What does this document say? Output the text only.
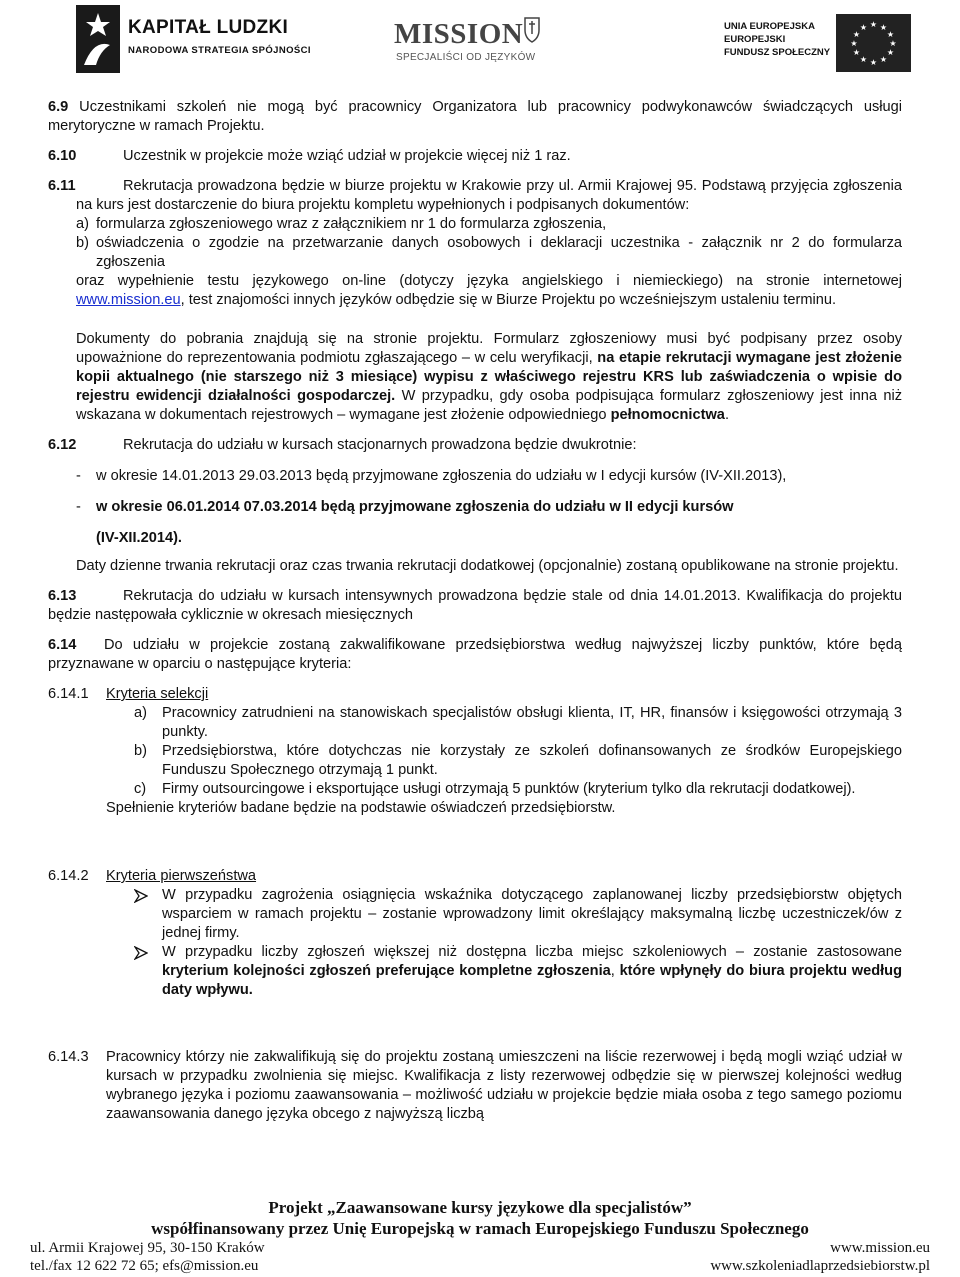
KAPITAŁ LUDZKI
NARODOWA STRATEGIA SPÓJNOŚCI
MISSION
SPECJALIŚCI OD JĘZYKÓW
UNIA EUROPEJSKA
EUROPEJSKI
FUNDUSZ SPOŁECZNY
★ ★
★
★
★
★
★
★
★
★
★
★

6.9 Uczestnikami szkoleń nie mogą być pracownicy Organizatora lub pracownicy podwykonawców świadczących usługi merytoryczne w ramach Projektu.

6.10	Uczestnik w projekcie może wziąć udział w projekcie więcej niż 1 raz.
6.11	Rekrutacja prowadzona będzie w biurze projektu w Krakowie przy ul. Armii Krajowej 95. Podstawą przyjęcia zgłoszenia na kurs jest dostarczenie do biura projektu kompletu wypełnionych i podpisanych dokumentów:
a) formularza zgłoszeniowego wraz z załącznikiem nr 1 do formularza zgłoszenia,
b) oświadczenia o zgodzie na przetwarzanie danych osobowych i deklaracji uczestnika - załącznik nr 2 do formularza zgłoszenia

oraz wypełnienie testu językowego on-line (dotyczy języka angielskiego i niemieckiego) na stronie internetowej www.mission.eu, test znajomości innych języków odbędzie się w Biurze Projektu po wcześniejszym ustaleniu terminu.

Dokumenty do pobrania znajdują się na stronie projektu. Formularz zgłoszeniowy musi być podpisany przez osoby upoważnione do reprezentowania podmiotu zgłaszającego – w celu weryfikacji, na etapie rekrutacji wymagane jest złożenie kopii aktualnego (nie starszego niż 3 miesiące) wypisu z właściwego rejestru KRS lub zaświadczenia o wpisie do rejestru ewidencji działalności gospodarczej. W przypadku, gdy osoba podpisująca formularz zgłoszeniowy jest inna niż wskazana w dokumentach rejestrowych – wymagane jest złożenie odpowiedniego pełnomocnictwa.

6.12	Rekrutacja do udziału w kursach stacjonarnych prowadzona będzie dwukrotnie:
-	w okresie 14.01.2013 29.03.2013 będą przyjmowane zgłoszenia do udziału w I edycji kursów (IV-XII.2013),
-	w okresie 06.01.2014 07.03.2014 będą przyjmowane zgłoszenia do udziału w II edycji kursów
(IV-XII.2014).

Daty dzienne trwania rekrutacji oraz czas trwania rekrutacji dodatkowej (opcjonalnie) zostaną opublikowane na stronie projektu.

6.13	Rekrutacja do udziału w kursach intensywnych prowadzona będzie stale od dnia 14.01.2013. Kwalifikacja do projektu będzie następowała cyklicznie w okresach miesięcznych

6.14 Do udziału w projekcie zostaną zakwalifikowane przedsiębiorstwa według najwyższej liczby punktów, które będą przyznawane w oparciu o następujące kryteria:

6.14.1	Kryteria selekcji
a)	Pracownicy zatrudnieni na stanowiskach specjalistów obsługi klienta, IT, HR, finansów i księgowości otrzymają 3 punkty.
b)	Przedsiębiorstwa, które dotychczas nie korzystały ze szkoleń dofinansowanych ze środków Europejskiego Funduszu Społecznego otrzymają 1 punkt.
c)	Firmy outsourcingowe i eksportujące usługi otrzymają 5 punktów (kryterium tylko dla rekrutacji dodatkowej).

Spełnienie kryteriów badane będzie na podstawie oświadczeń przedsiębiorstw.

6.14.2	Kryteria pierwszeństwa
W przypadku zagrożenia osiągnięcia wskaźnika dotyczącego zaplanowanej liczby przedsiębiorstw objętych wsparciem w ramach projektu – zostanie wprowadzony limit określający maksymalną liczbę uczestniczek/ów z jednej firmy.
W przypadku liczby zgłoszeń większej niż dostępna liczba miejsc szkoleniowych – zostanie zastosowane kryterium kolejności zgłoszeń preferujące kompletne zgłoszenia, które wpłynęły do biura projektu według daty wpływu.
6.14.3	Pracownicy którzy nie zakwalifikują się do projektu zostaną umieszczeni na liście rezerwowej i będą mogli wziąć udział w kursach w przypadku zwolnienia się miejsc. Kwalifikacja z listy rezerwowej odbędzie się w pierwszej kolejności według wybranego języka i poziomu zaawansowania – możliwość udziału w projekcie będzie miała osoba z tego samego poziomu zaawansowania danego języka obcego z najwyższą liczbą
Projekt „Zaawansowane kursy językowe dla specjalistów”
współfinansowany przez Unię Europejską w ramach Europejskiego Funduszu Społecznego
ul. Armii Krajowej 95, 30-150 Kraków	www.mission.eu
tel./fax 12 622 72 65; efs@mission.eu	www.szkoleniadlaprzedsiebiorstw.pl
